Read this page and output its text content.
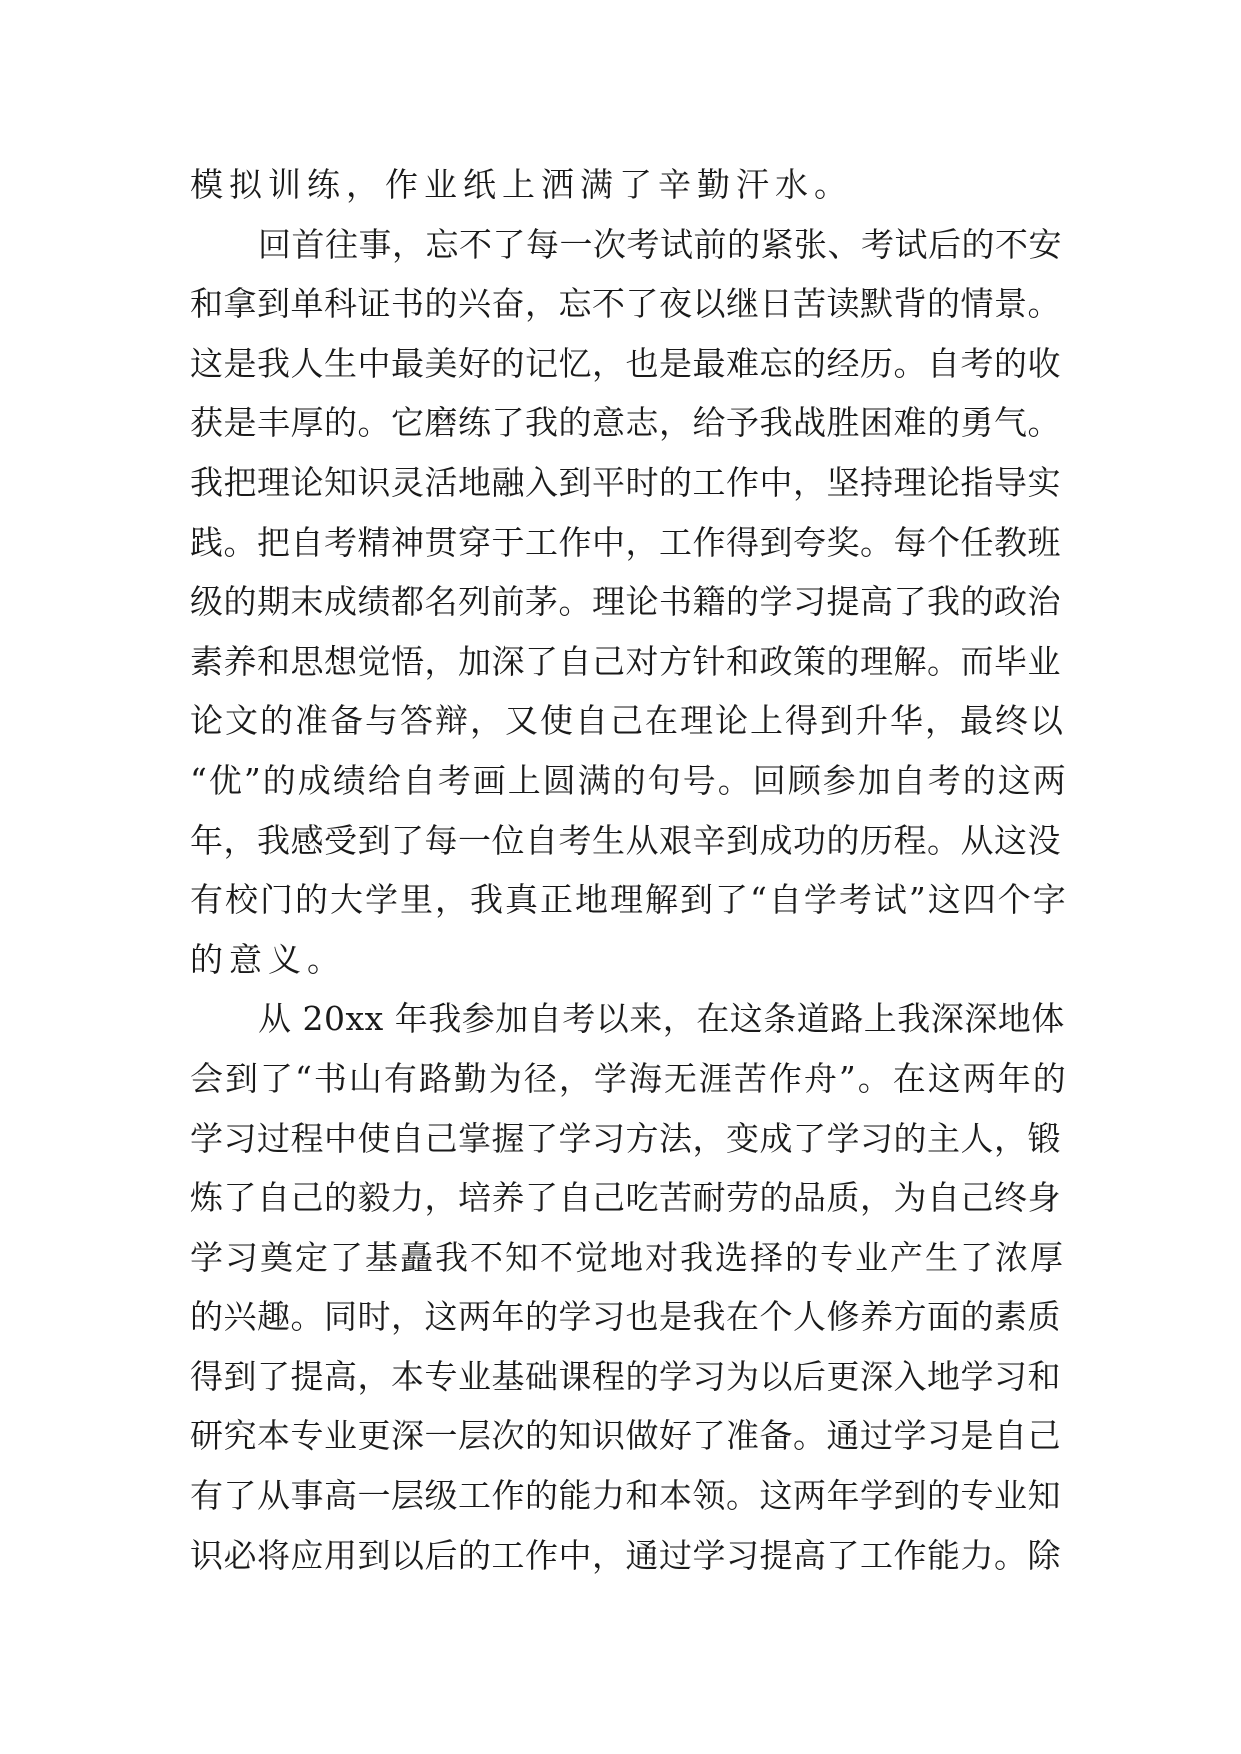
模拟训练，作业纸上洒满了辛勤汗水。
回首往事，忘不了每一次考试前的紧张、考试后的不安
和拿到单科证书的兴奋，忘不了夜以继日苦读默背的情景。
这是我人生中最美好的记忆，也是最难忘的经历。自考的收
获是丰厚的。它磨练了我的意志，给予我战胜困难的勇气。
我把理论知识灵活地融入到平时的工作中，坚持理论指导实
践。把自考精神贯穿于工作中，工作得到夸奖。每个任教班
级的期末成绩都名列前茅。理论书籍的学习提高了我的政治
素养和思想觉悟，加深了自己对方针和政策的理解。而毕业
论文的准备与答辩，又使自己在理论上得到升华，最终以
“优”的成绩给自考画上圆满的句号。回顾参加自考的这两
年，我感受到了每一位自考生从艰辛到成功的历程。从这没
有校门的大学里，我真正地理解到了“自学考试”这四个字
的意义。
从 20xx 年我参加自考以来，在这条道路上我深深地体
会到了“书山有路勤为径，学海无涯苦作舟”。在这两年的
学习过程中使自己掌握了学习方法，变成了学习的主人，锻
炼了自己的毅力，培养了自己吃苦耐劳的品质，为自己终身
学习奠定了基矗我不知不觉地对我选择的专业产生了浓厚
的兴趣。同时，这两年的学习也是我在个人修养方面的素质
得到了提高，本专业基础课程的学习为以后更深入地学习和
研究本专业更深一层次的知识做好了准备。通过学习是自己
有了从事高一层级工作的能力和本领。这两年学到的专业知
识必将应用到以后的工作中，通过学习提高了工作能力。除
